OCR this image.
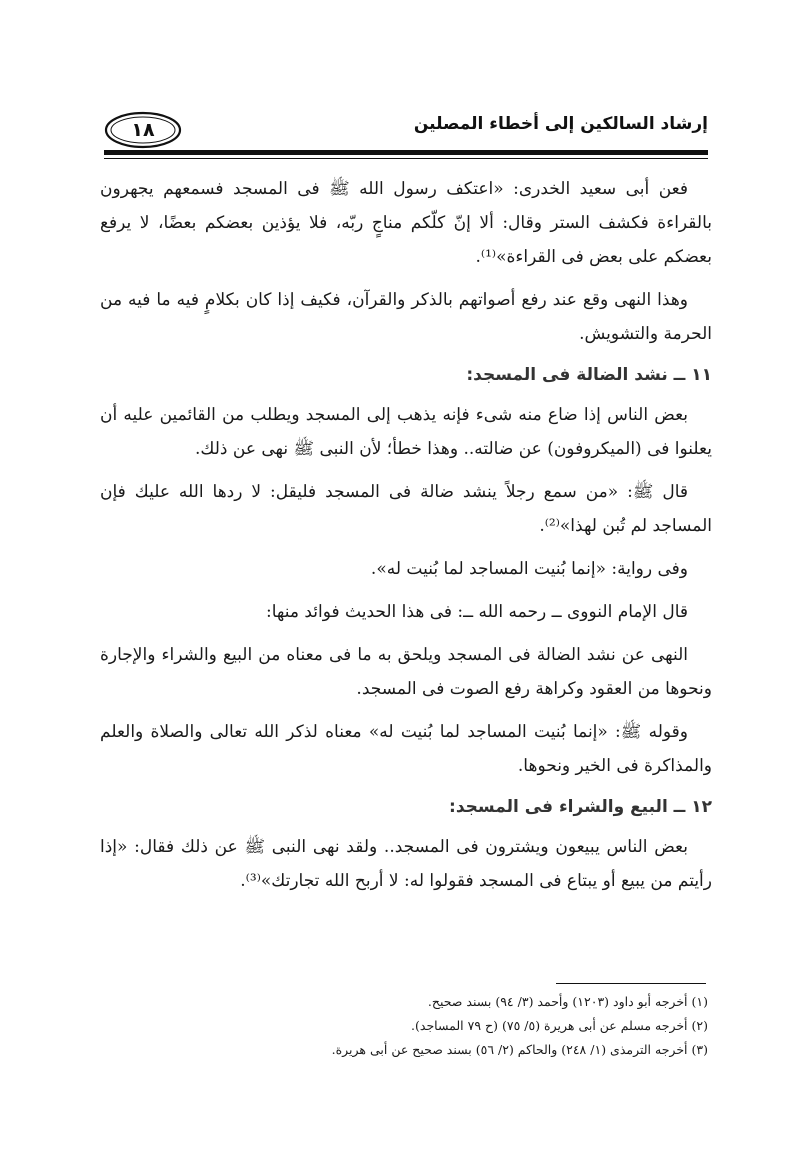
١٨	إرشاد السالكين إلى أخطاء المصلين

فعن أبى سعيد الخدرى: «اعتكف رسول الله ﷺ فى المسجد فسمعهم يجهرون بالقراءة فكشف الستر وقال: ألا إنّ كلّكم مناجٍ ربّه، فلا يؤذين بعضكم بعضًا، لا يرفع بعضكم على بعض فى القراءة»⁽¹⁾.

وهذا النهى وقع عند رفع أصواتهم بالذكر والقرآن، فكيف إذا كان بكلامٍ فيه ما فيه من الحرمة والتشويش.

١١ ــ نشد الضالة فى المسجد:

بعض الناس إذا ضاع منه شىء فإنه يذهب إلى المسجد ويطلب من القائمين عليه أن يعلنوا فى (الميكروفون) عن ضالته.. وهذا خطأ؛ لأن النبى ﷺ نهى عن ذلك.

قال ﷺ: «من سمع رجلاً ينشد ضالة فى المسجد فليقل: لا ردها الله عليك فإن المساجد لم تُبن لهذا»⁽²⁾.

وفى رواية: «إنما بُنيت المساجد لما بُنيت له».

قال الإمام النووى ــ رحمه الله ــ: فى هذا الحديث فوائد منها:

النهى عن نشد الضالة فى المسجد ويلحق به ما فى معناه من البيع والشراء والإجارة ونحوها من العقود وكراهة رفع الصوت فى المسجد.

وقوله ﷺ: «إنما بُنيت المساجد لما بُنيت له» معناه لذكر الله تعالى والصلاة والعلم والمذاكرة فى الخير ونحوها.

١٢ ــ البيع والشراء فى المسجد:

بعض الناس يبيعون ويشترون فى المسجد.. ولقد نهى النبى ﷺ عن ذلك فقال: «إذا رأيتم من يبيع أو يبتاع فى المسجد فقولوا له: لا أربح الله تجارتك»⁽³⁾.

(١) أخرجه أبو داود (١٢٠٣) وأحمد (٣/ ٩٤) بسند صحيح.

(٢) أخرجه مسلم عن أبى هريرة (٥/ ٧٥) (ح ٧٩ المساجد).

(٣) أخرجه الترمذى (١/ ٢٤٨) والحاكم (٢/ ٥٦) بسند صحيح عن أبى هريرة.
